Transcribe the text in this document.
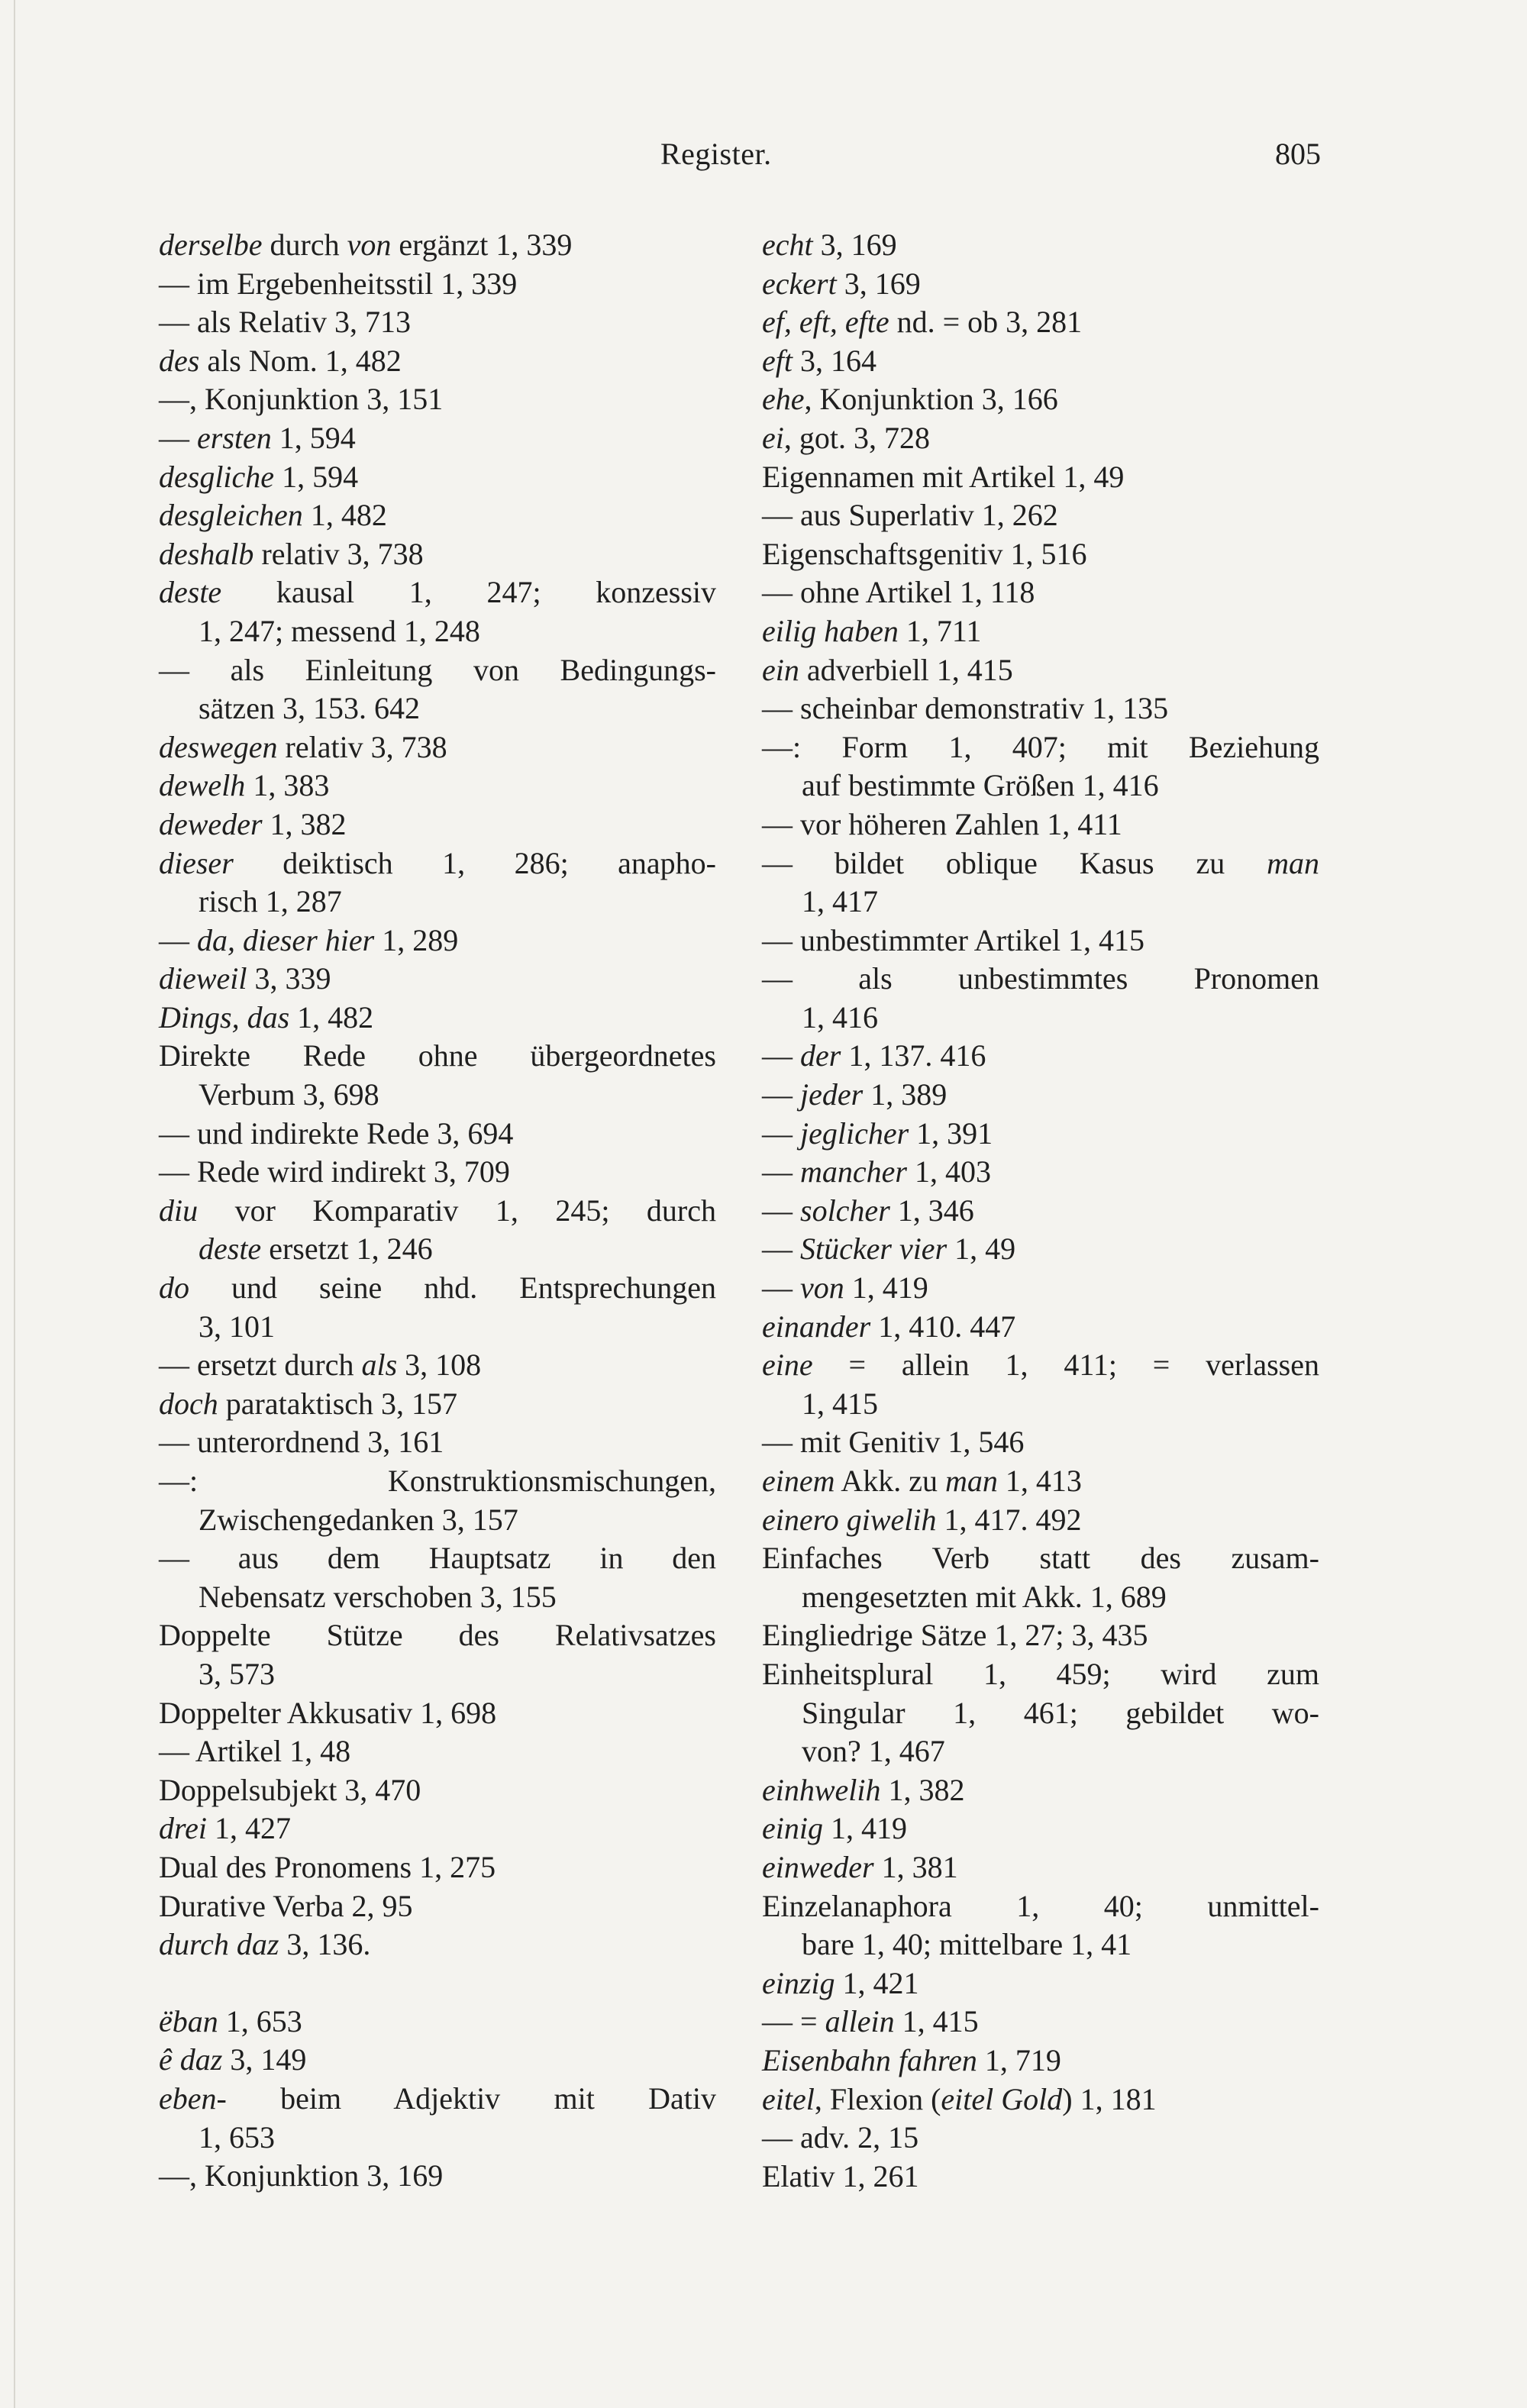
Register.	805
derselbe durch von ergänzt 1, 339
— im Ergebenheitsstil 1, 339
— als Relativ 3, 713
des als Nom. 1, 482
—, Konjunktion 3, 151
— ersten 1, 594
desgliche 1, 594
desgleichen 1, 482
deshalb relativ 3, 738
deste kausal 1, 247; konzessiv
1, 247; messend 1, 248
— als Einleitung von Bedingungs-
sätzen 3, 153. 642
deswegen relativ 3, 738
dewelh 1, 383
deweder 1, 382
dieser deiktisch 1, 286; anapho-
risch 1, 287
— da, dieser hier 1, 289
dieweil 3, 339
Dings, das 1, 482
Direkte Rede ohne übergeordnetes
Verbum 3, 698
— und indirekte Rede 3, 694
— Rede wird indirekt 3, 709
diu vor Komparativ 1, 245; durch
deste ersetzt 1, 246
do und seine nhd. Entsprechungen
3, 101
— ersetzt durch als 3, 108
doch parataktisch 3, 157
— unterordnend 3, 161
—: Konstruktionsmischungen,
Zwischengedanken 3, 157
— aus dem Hauptsatz in den
Nebensatz verschoben 3, 155
Doppelte Stütze des Relativsatzes
3, 573
Doppelter Akkusativ 1, 698
— Artikel 1, 48
Doppelsubjekt 3, 470
drei 1, 427
Dual des Pronomens 1, 275
Durative Verba 2, 95
durch daz 3, 136.
ëban 1, 653
ê daz 3, 149
eben- beim Adjektiv mit Dativ
1, 653
—, Konjunktion 3, 169
echt 3, 169
eckert 3, 169
ef, eft, efte nd. = ob 3, 281
eft 3, 164
ehe, Konjunktion 3, 166
ei, got. 3, 728
Eigennamen mit Artikel 1, 49
— aus Superlativ 1, 262
Eigenschaftsgenitiv 1, 516
— ohne Artikel 1, 118
eilig haben 1, 711
ein adverbiell 1, 415
— scheinbar demonstrativ 1, 135
—: Form 1, 407; mit Beziehung
auf bestimmte Größen 1, 416
— vor höheren Zahlen 1, 411
— bildet oblique Kasus zu man
1, 417
— unbestimmter Artikel 1, 415
— als unbestimmtes Pronomen
1, 416
— der 1, 137. 416
— jeder 1, 389
— jeglicher 1, 391
— mancher 1, 403
— solcher 1, 346
— Stücker vier 1, 49
— von 1, 419
einander 1, 410. 447
eine = allein 1, 411; = verlassen
1, 415
— mit Genitiv 1, 546
einem Akk. zu man 1, 413
einero giwelih 1, 417. 492
Einfaches Verb statt des zusam-
mengesetzten mit Akk. 1, 689
Eingliedrige Sätze 1, 27; 3, 435
Einheitsplural 1, 459; wird zum
Singular 1, 461; gebildet wo-
von? 1, 467
einhwelih 1, 382
einig 1, 419
einweder 1, 381
Einzelanaphora 1, 40; unmittel-
bare 1, 40; mittelbare 1, 41
einzig 1, 421
— = allein 1, 415
Eisenbahn fahren 1, 719
eitel, Flexion (eitel Gold) 1, 181
— adv. 2, 15
Elativ 1, 261
